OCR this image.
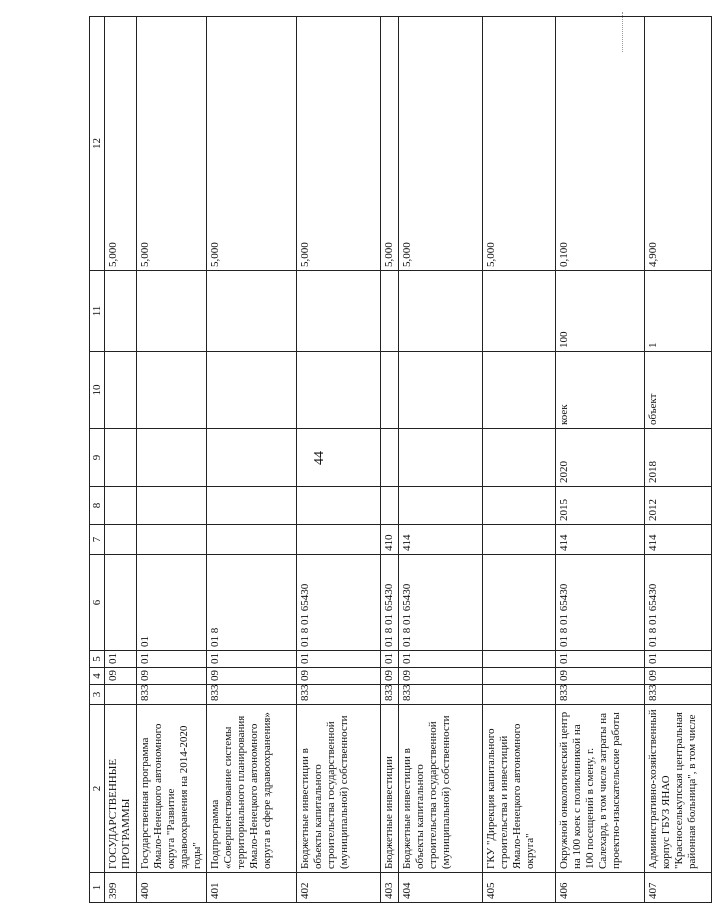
44
1	2	3	4	5	6	7	8	9	10	11	12
399	ГОСУДАРСТВЕННЫЕ ПРОГРАММЫ		09	01							5,000
400	Государственная программа Ямало-Ненецкого автономного округа "Развитие здравоохранения на 2014-2020 годы"	833	09	01	01						5,000
401	Подпрограмма «Совершенствование системы территориального планирования Ямало-Ненецкого автономного округа в сфере здравоохранения»	833	09	01	01 8						5,000
402	Бюджетные инвестиции в объекты капитального строительства государственной (муниципальной) собственности	833	09	01	01 8 01 65430						5,000
403	Бюджетные инвестиции	833	09	01	01 8 01 65430	410					5,000
404	Бюджетные инвестиции в объекты капитального строительства государственной (муниципальной) собственности	833	09	01	01 8 01 65430	414					5,000
405	ГКУ "Дирекция капитального строительства и инвестиций Ямало-Ненецкого автономного округа"										5,000
406	Окружной онкологический центр на 100 коек с поликлиникой на 100 посещений в смену, г. Салехард, в том числе затраты на проектно-изыскательские работы	833	09	01	01 8 01 65430	414	2015	2020	коек	100	0,100
407	Административно-хозяйственный корпус ГБУЗ ЯНАО "Красноселькупская центральная районная больница", в том числе	833	09	01	01 8 01 65430	414	2012	2018	объект	1	4,900
